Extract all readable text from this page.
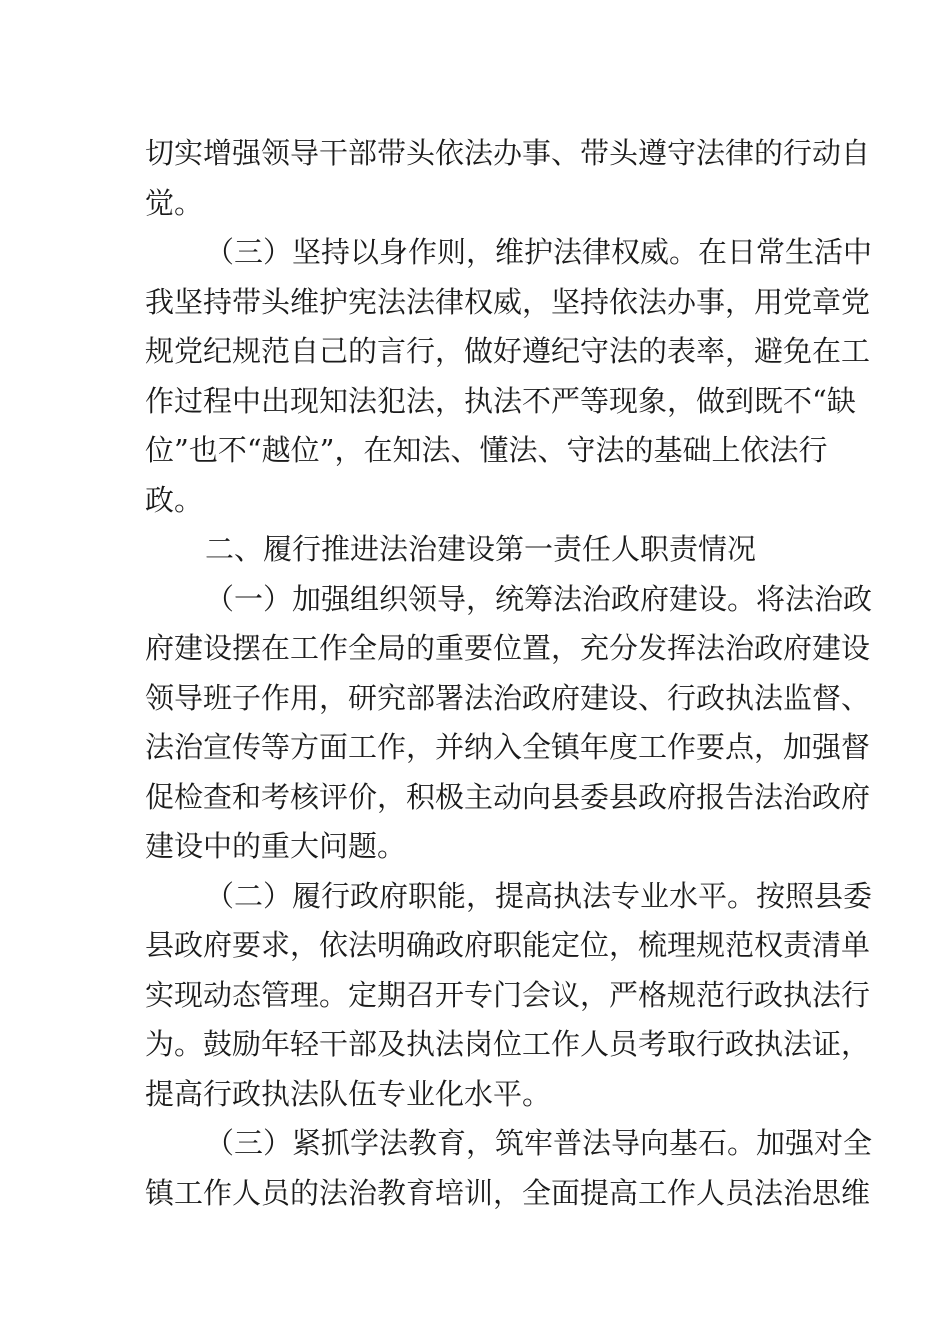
切实增强领导干部带头依法办事、带头遵守法律的行动自
觉。
（三）坚持以身作则，维护法律权威。在日常生活中
我坚持带头维护宪法法律权威，坚持依法办事，用党章党
规党纪规范自己的言行，做好遵纪守法的表率，避免在工
作过程中出现知法犯法，执法不严等现象，做到既不“缺
位”也不“越位”，在知法、懂法、守法的基础上依法行
政。
二、履行推进法治建设第一责任人职责情况
（一）加强组织领导，统筹法治政府建设。将法治政
府建设摆在工作全局的重要位置，充分发挥法治政府建设
领导班子作用，研究部署法治政府建设、行政执法监督、
法治宣传等方面工作，并纳入全镇年度工作要点，加强督
促检查和考核评价，积极主动向县委县政府报告法治政府
建设中的重大问题。
（二）履行政府职能，提高执法专业水平。按照县委
县政府要求，依法明确政府职能定位，梳理规范权责清单
实现动态管理。定期召开专门会议，严格规范行政执法行
为。鼓励年轻干部及执法岗位工作人员考取行政执法证，
提高行政执法队伍专业化水平。
（三）紧抓学法教育，筑牢普法导向基石。加强对全
镇工作人员的法治教育培训，全面提高工作人员法治思维
